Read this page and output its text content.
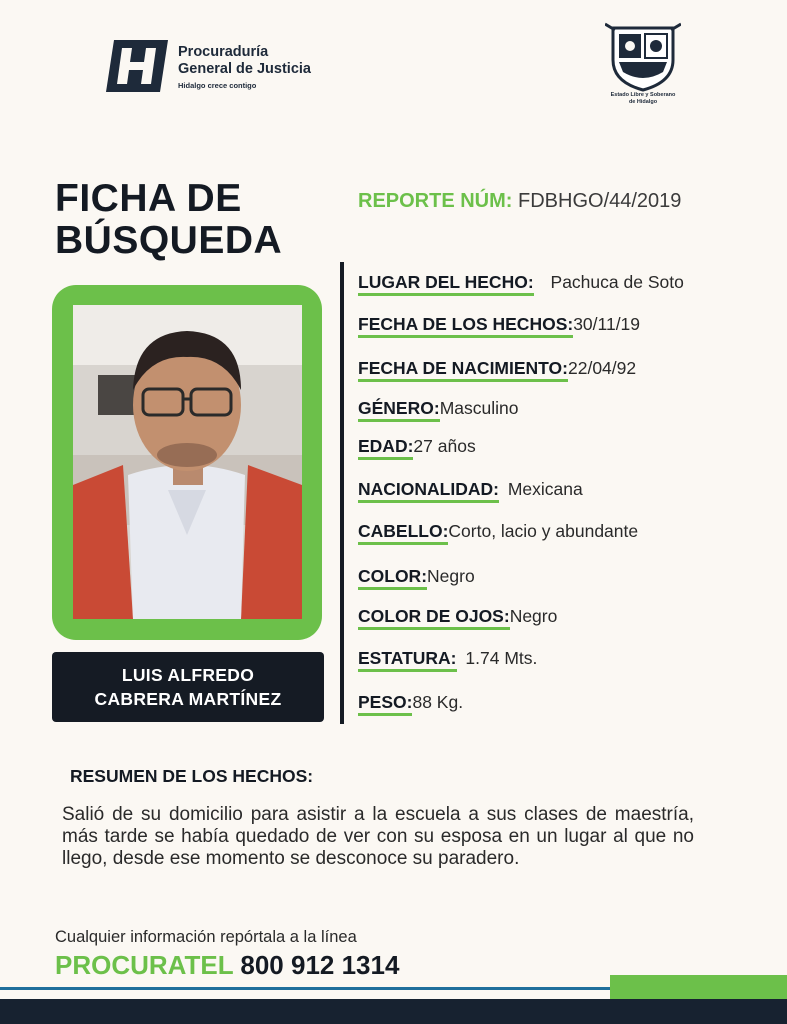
Procuraduría
General de Justicia
Hidalgo crece contigo
Estado Libre y Soberano
de Hidalgo
FICHA DE
BÚSQUEDA
REPORTE NÚM: FDBHGO/44/2019
LUIS ALFREDO
CABRERA MARTÍNEZ
LUGAR DEL HECHO: Pachuca de Soto
FECHA DE LOS HECHOS:30/11/19
FECHA DE NACIMIENTO:22/04/92
GÉNERO:Masculino
EDAD:27 años
NACIONALIDAD: Mexicana
CABELLO:Corto, lacio y abundante
COLOR:Negro
COLOR DE OJOS:Negro
ESTATURA: 1.74 Mts.
PESO:88 Kg.
RESUMEN DE LOS HECHOS:

Salió de su domicilio para asistir a la escuela a sus clases de maestría, más tarde se había quedado de ver con su esposa en un lugar al que no llego, desde ese momento se desconoce su paradero.

Cualquier información repórtala a la línea
PROCURATEL 800 912 1314
